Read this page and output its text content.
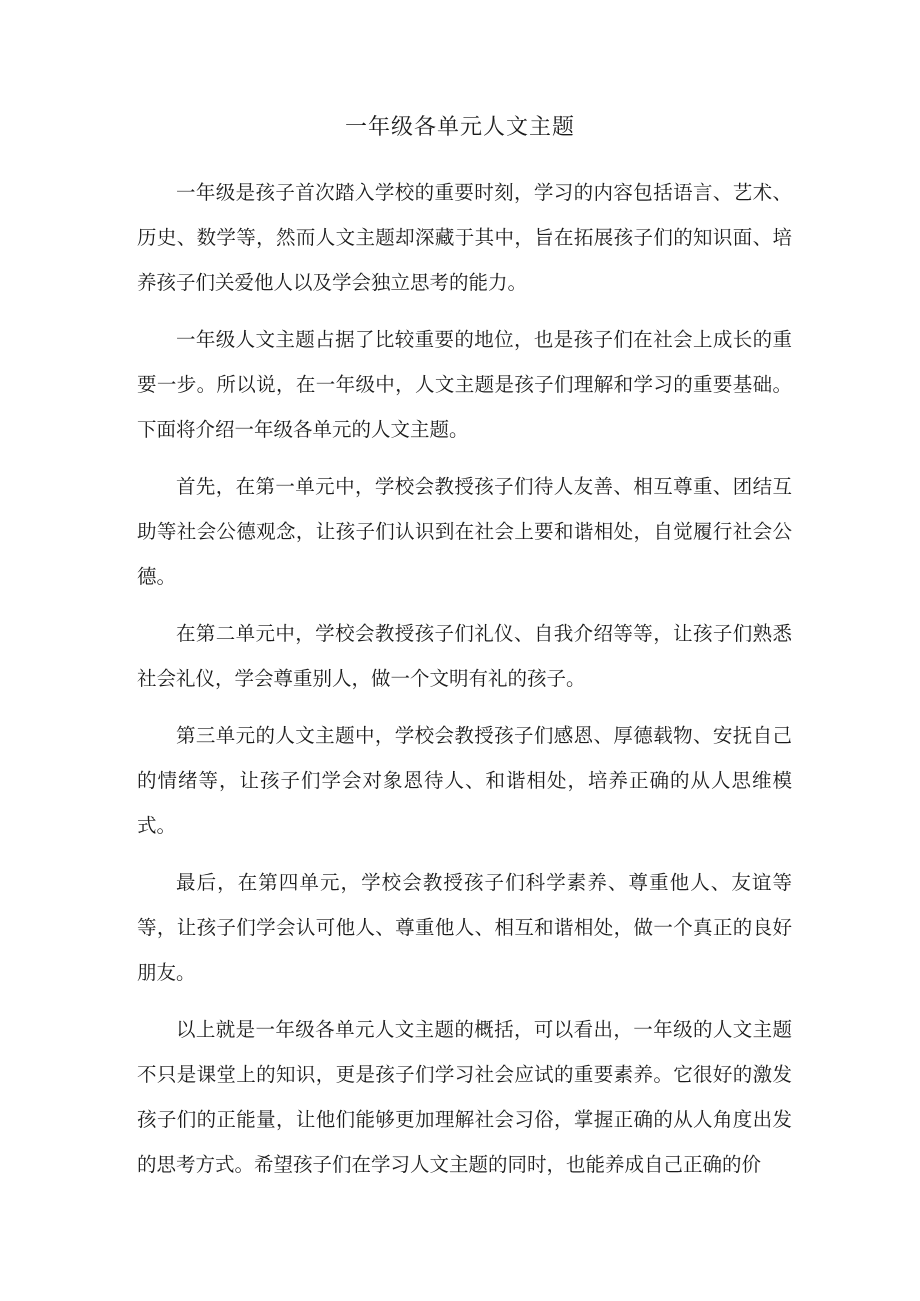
一年级各单元人文主题

一年级是孩子首次踏入学校的重要时刻，学习的内容包括语言、艺术、历史、数学等，然而人文主题却深藏于其中，旨在拓展孩子们的知识面、培养孩子们关爱他人以及学会独立思考的能力。

一年级人文主题占据了比较重要的地位，也是孩子们在社会上成长的重要一步。所以说，在一年级中，人文主题是孩子们理解和学习的重要基础。下面将介绍一年级各单元的人文主题。

首先，在第一单元中，学校会教授孩子们待人友善、相互尊重、团结互助等社会公德观念，让孩子们认识到在社会上要和谐相处，自觉履行社会公德。

在第二单元中，学校会教授孩子们礼仪、自我介绍等等，让孩子们熟悉社会礼仪，学会尊重别人，做一个文明有礼的孩子。

第三单元的人文主题中，学校会教授孩子们感恩、厚德载物、安抚自己的情绪等，让孩子们学会对象恩待人、和谐相处，培养正确的从人思维模式。

最后，在第四单元，学校会教授孩子们科学素养、尊重他人、友谊等等，让孩子们学会认可他人、尊重他人、相互和谐相处，做一个真正的良好朋友。

以上就是一年级各单元人文主题的概括，可以看出，一年级的人文主题不只是课堂上的知识，更是孩子们学习社会应试的重要素养。它很好的激发孩子们的正能量，让他们能够更加理解社会习俗，掌握正确的从人角度出发的思考方式。希望孩子们在学习人文主题的同时，也能养成自己正确的价
